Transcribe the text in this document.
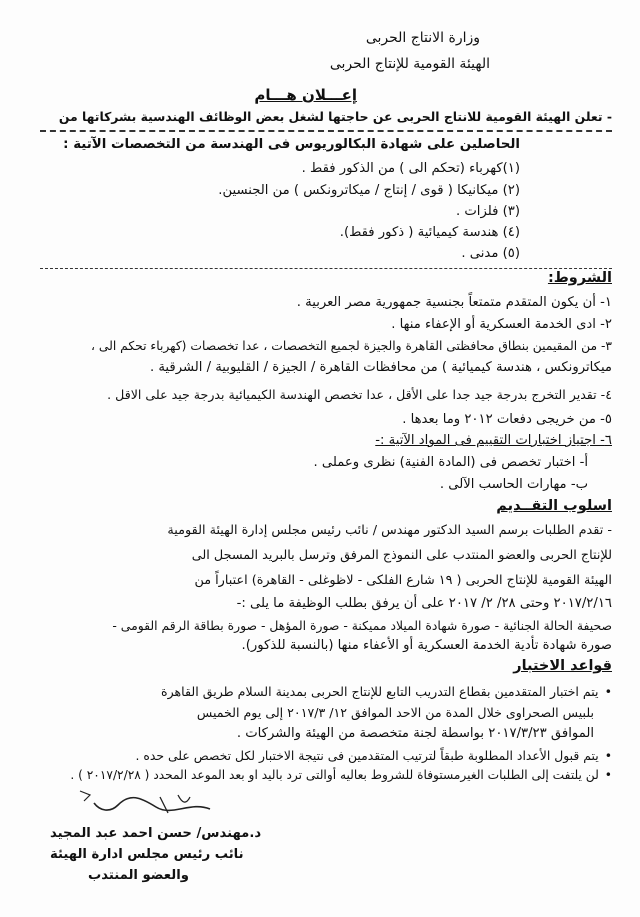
وزارة الانتاج الحربى
الهيئة القومية للإنتاج الحربى
إعـــلان هـــام
- تعلن الهيئة القومية للانتاج الحربى عن حاجتها لشغل بعض الوظائف الهندسية بشركاتها من
الحاصلين على شهادة البكالوريوس فى الهندسة من التخصصات الآتية :
(١)كهرباء (تحكم الى ) من الذكور فقط .
(٢) ميكانيكا ( قوى / إنتاج / ميكاترونكس ) من الجنسين.
(٣) فلزات .
(٤) هندسة كيميائية ( ذكور فقط).
(٥) مدنى .
الشروط:
١- أن يكون المتقدم متمتعاً بجنسية جمهورية مصر العربية .
٢- ادى الخدمة العسكرية أو الإعفاء منها .
٣- من المقيمين بنطاق محافظتى القاهرة والجيزة لجميع التخصصات ، عدا تخصصات (كهرباء تحكم الى ،
ميكاترونكس ، هندسة كيميائية ) من محافظات القاهرة / الجيزة / القليوبية / الشرقية .
٤- تقدير التخرج بدرجة جيد جدا على الأقل ، عدا تخصص الهندسة الكيميائية بدرجة جيد على الاقل .
٥- من خريجى دفعات ٢٠١٢ وما بعدها .
٦- اجتياز اختبارات التقييم فى المواد الآتية :-
أ- اختبار تخصص فى (المادة الفنية) نظرى وعملى .
ب- مهارات الحاسب الآلى .
اسلوب التقــديم
- تقدم الطلبات برسم السيد الدكتور مهندس / نائب رئيس مجلس إدارة الهيئة القومية
للإنتاج الحربى والعضو المنتدب على النموذج المرفق وترسل بالبريد المسجل الى
الهيئة القومية للإنتاج الحربى ( ١٩ شارع الفلكى - لاظوغلى - القاهرة) اعتباراً من
٢٠١٧/٢/١٦ وحتى ٢٨/ ٢/ ٢٠١٧ على أن يرفق بطلب الوظيفة ما يلى :-
صحيفة الحالة الجنائية - صورة شهادة الميلاد مميكنة - صورة المؤهل - صورة بطاقة الرقم القومى -
صورة شهادة تأدية الخدمة العسكرية أو الأعفاء منها (بالنسبة للذكور).
قواعد الاختبار
• يتم اختبار المتقدمين بقطاع التدريب التابع للإنتاج الحربى بمدينة السلام طريق القاهرة
بلبيس الصحراوى خلال المدة من الاحد الموافق ١٢/ ٢٠١٧/٣ إلى يوم الخميس
الموافق ٢٠١٧/٣/٢٣ بواسطة لجنة متخصصة من الهيئة والشركات .
• يتم قبول الأعداد المطلوبة طبقاً لترتيب المتقدمين فى نتيجة الاختبار لكل تخصص على حده .
• لن يلتفت إلى الطلبات الغيرمستوفاة للشروط بعاليه أوالتى ترد باليد او بعد الموعد المحدد ( ٢٠١٧/٢/٢٨ ) .
د.مهندس/ حسن احمد عبد المجيد
نائب رئيس مجلس ادارة الهيئة
والعضو المنتدب
